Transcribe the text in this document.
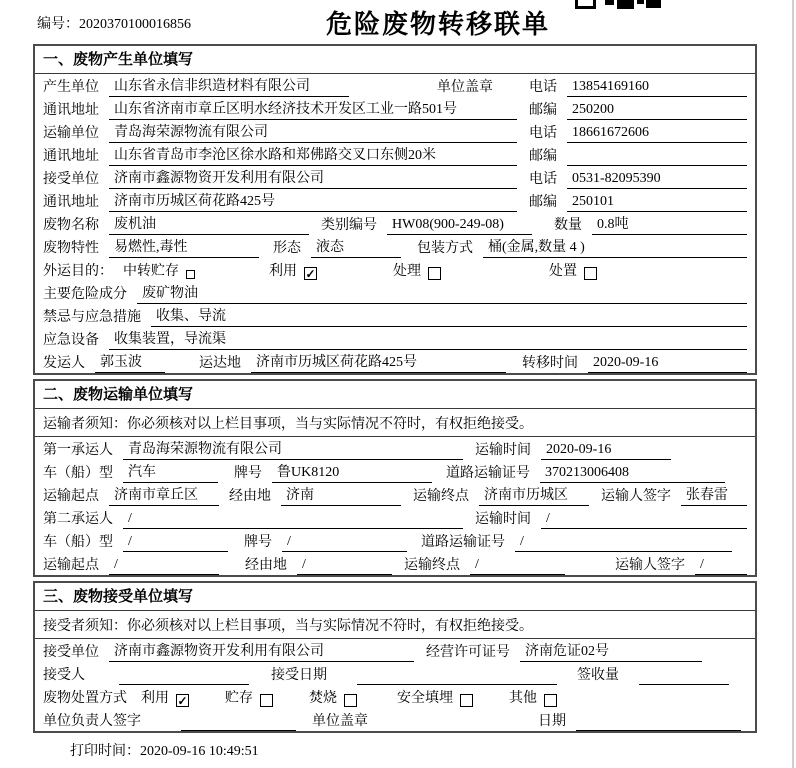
编号：2020370100016856	危险废物转移联单
一、废物产生单位填写
产生单位	山东省永信非织造材料有限公司	单位盖章	电话	13854169160
通讯地址	山东省济南市章丘区明水经济技术开发区工业一路501号	邮编	250200
运输单位	青岛海荣源物流有限公司	电话	18661672606
通讯地址	山东省青岛市李沧区徐水路和郑佛路交叉口东侧20米	邮编
接受单位	济南市鑫源物资开发利用有限公司	电话	0531-82095390
通讯地址	济南市历城区荷花路425号	邮编	250101
废物名称	废机油	类别编号	HW08(900-249-08)	数量	0.8吨
废物特性	易燃性,毒性	形态	液态	包装方式	桶(金属,数量 4 )
外运目的： 中转贮存	利用 ✓	处理	处置
主要危险成分	废矿物油
禁忌与应急措施	收集、导流
应急设备	收集装置，导流渠
发运人	郭玉波	运达地	济南市历城区荷花路425号	转移时间	2020-09-16
二、废物运输单位填写
运输者须知：你必须核对以上栏目事项，当与实际情况不符时，有权拒绝接受。
第一承运人	青岛海荣源物流有限公司	运输时间	2020-09-16
车（船）型	汽车	牌号	鲁UK8120	道路运输证号	370213006408
运输起点	济南市章丘区	经由地	济南	运输终点	济南市历城区	运输人签字	张春雷
第二承运人	/	运输时间	/
车（船）型	/	牌号	/	道路运输证号	/
运输起点	/	经由地	/	运输终点	/	运输人签字	/
三、废物接受单位填写
接受者须知：你必须核对以上栏目事项，当与实际情况不符时，有权拒绝接受。
接受单位	济南市鑫源物资开发利用有限公司	经营许可证号	济南危证02号
接受人	接受日期	签收量
废物处置方式 利用 ✓	贮存	焚烧	安全填埋	其他
单位负责人签字	单位盖章	日期
打印时间：2020-09-16 10:49:51
